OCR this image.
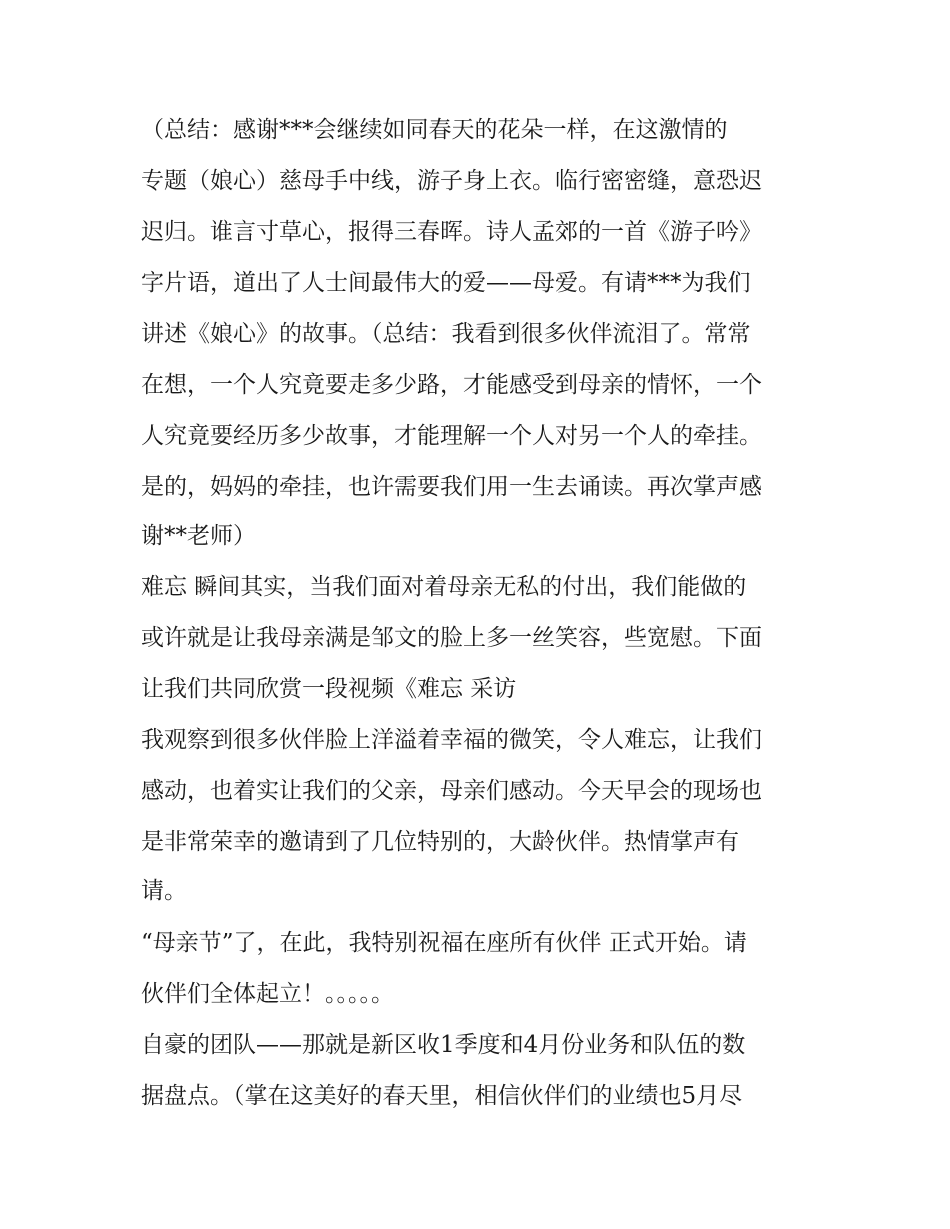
（总结：感谢***会继续如同春天的花朵一样，在这激情的
专题（娘心）慈母手中线，游子身上衣。临行密密缝，意恐迟
迟归。谁言寸草心，报得三春晖。诗人孟郊的一首《游子吟》
字片语，道出了人士间最伟大的爱——母爱。有请***为我们
讲述《娘心》的故事。（总结：我看到很多伙伴流泪了。常常
在想，一个人究竟要走多少路，才能感受到母亲的情怀，一个
人究竟要经历多少故事，才能理解一个人对另一个人的牵挂。
是的，妈妈的牵挂，也许需要我们用一生去诵读。再次掌声感
谢**老师）
难忘 瞬间其实，当我们面对着母亲无私的付出，我们能做的
或许就是让我母亲满是邹文的脸上多一丝笑容，些宽慰。下面
让我们共同欣赏一段视频《难忘 采访
我观察到很多伙伴脸上洋溢着幸福的微笑，令人难忘，让我们
感动，也着实让我们的父亲，母亲们感动。今天早会的现场也
是非常荣幸的邀请到了几位特别的，大龄伙伴。热情掌声有
请。
“母亲节”了，在此，我特别祝福在座所有伙伴 正式开始。请
伙伴们全体起立！。。。。。
自豪的团队——那就是新区收1季度和4月份业务和队伍的数
据盘点。（掌在这美好的春天里，相信伙伴们的业绩也5月尽
